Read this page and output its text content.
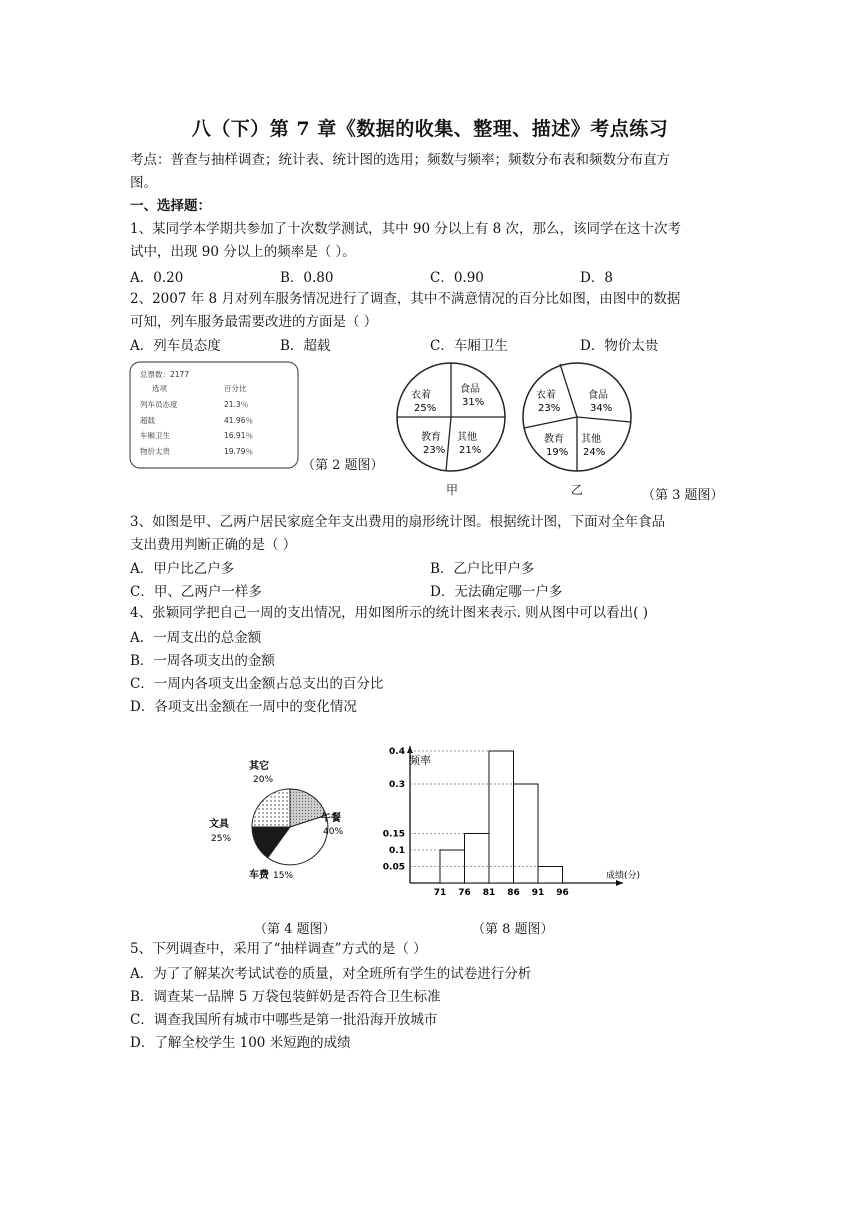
八（下）第 7 章《数据的收集、整理、描述》考点练习
考点：普查与抽样调查；统计表、统计图的选用；频数与频率；频数分布表和频数分布直方
图。
一、选择题：
1、某同学本学期共参加了十次数学测试，其中 90 分以上有 8 次，那么，该同学在这十次考
试中，出现 90 分以上的频率是（ ）。
A．0.20	B．0.80	C．0.90	D．8
2、2007 年 8 月对列车服务情况进行了调查，其中不满意情况的百分比如图，由图中的数据
可知，列车服务最需要改进的方面是（ ）
A．列车员态度	B．超载	C．车厢卫生	D．物价太贵
总票数：2177
选项	百分比
列车员态度	21.3％
超载	41.96％
车厢卫生	16.91％
物价太贵	19.79％
（第 2 题图）
衣着
25%
食品
31%
教育
23%
其他
21%
甲
衣着
23%
食品
34%
教育
19%
其他
24%
乙	（第 3 题图）
3、如图是甲、乙两户居民家庭全年支出费用的扇形统计图。根据统计图，下面对全年食品
支出费用判断正确的是（ ）
A．甲户比乙户多	B．乙户比甲户多
C．甲、乙两户一样多	D．无法确定哪一户多
4、张颖同学把自己一周的支出情况，用如图所示的统计图来表示. 则从图中可以看出( )
A．一周支出的总金额
B．一周各项支出的金额
C．一周内各项支出金额占总支出的百分比
D．各项支出金额在一周中的变化情况
其它
20%
午餐
40%
车费 15%
文具
25%
（第 4 题图）
频率
成绩(分)
0.05
0.1
0.15
0.3
0.4
71 76 81 86 91 96
（第 8 题图）
5、下列调查中，采用了“抽样调查”方式的是（ ）
A．为了了解某次考试试卷的质量，对全班所有学生的试卷进行分析
B．调查某一品牌 5 万袋包装鲜奶是否符合卫生标准
C．调查我国所有城市中哪些是第一批沿海开放城市
D．了解全校学生 100 米短跑的成绩
